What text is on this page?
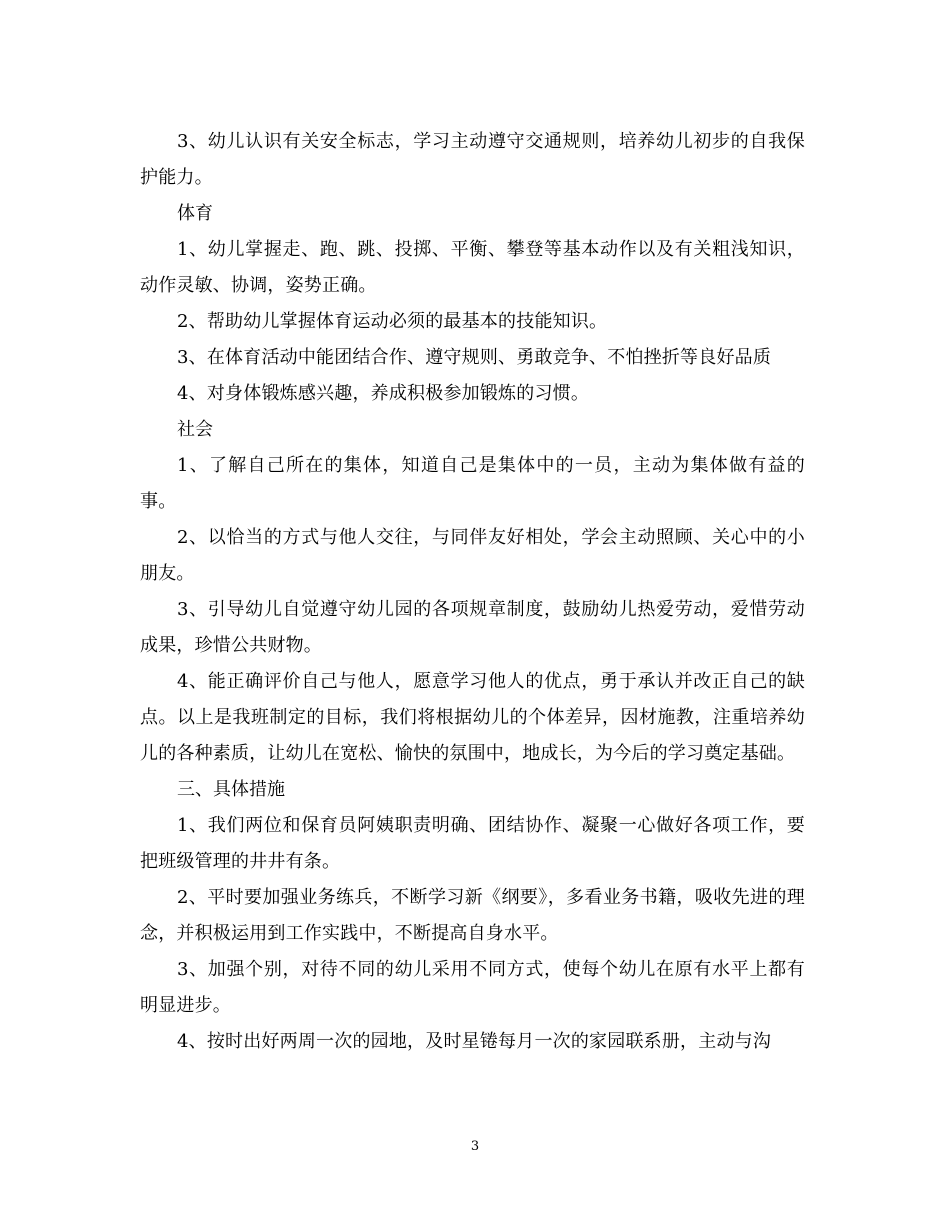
3、幼儿认识有关安全标志，学习主动遵守交通规则，培养幼儿初步的自我保护能力。

体育

1、幼儿掌握走、跑、跳、投掷、平衡、攀登等基本动作以及有关粗浅知识，动作灵敏、协调，姿势正确。

2、帮助幼儿掌握体育运动必须的最基本的技能知识。

3、在体育活动中能团结合作、遵守规则、勇敢竞争、不怕挫折等良好品质

4、对身体锻炼感兴趣，养成积极参加锻炼的习惯。

社会

1、了解自己所在的集体，知道自己是集体中的一员，主动为集体做有益的事。

2、以恰当的方式与他人交往，与同伴友好相处，学会主动照顾、关心中的小朋友。

3、引导幼儿自觉遵守幼儿园的各项规章制度，鼓励幼儿热爱劳动，爱惜劳动成果，珍惜公共财物。

4、能正确评价自己与他人，愿意学习他人的优点，勇于承认并改正自己的缺点。以上是我班制定的目标，我们将根据幼儿的个体差异，因材施教，注重培养幼儿的各种素质，让幼儿在宽松、愉快的氛围中，地成长，为今后的学习奠定基础。

三、具体措施

1、我们两位和保育员阿姨职责明确、团结协作、凝聚一心做好各项工作，要把班级管理的井井有条。

2、平时要加强业务练兵，不断学习新《纲要》，多看业务书籍，吸收先进的理念，并积极运用到工作实践中，不断提高自身水平。

3、加强个别，对待不同的幼儿采用不同方式，使每个幼儿在原有水平上都有明显进步。

4、按时出好两周一次的园地，及时星锩每月一次的家园联系册，主动与沟

3
